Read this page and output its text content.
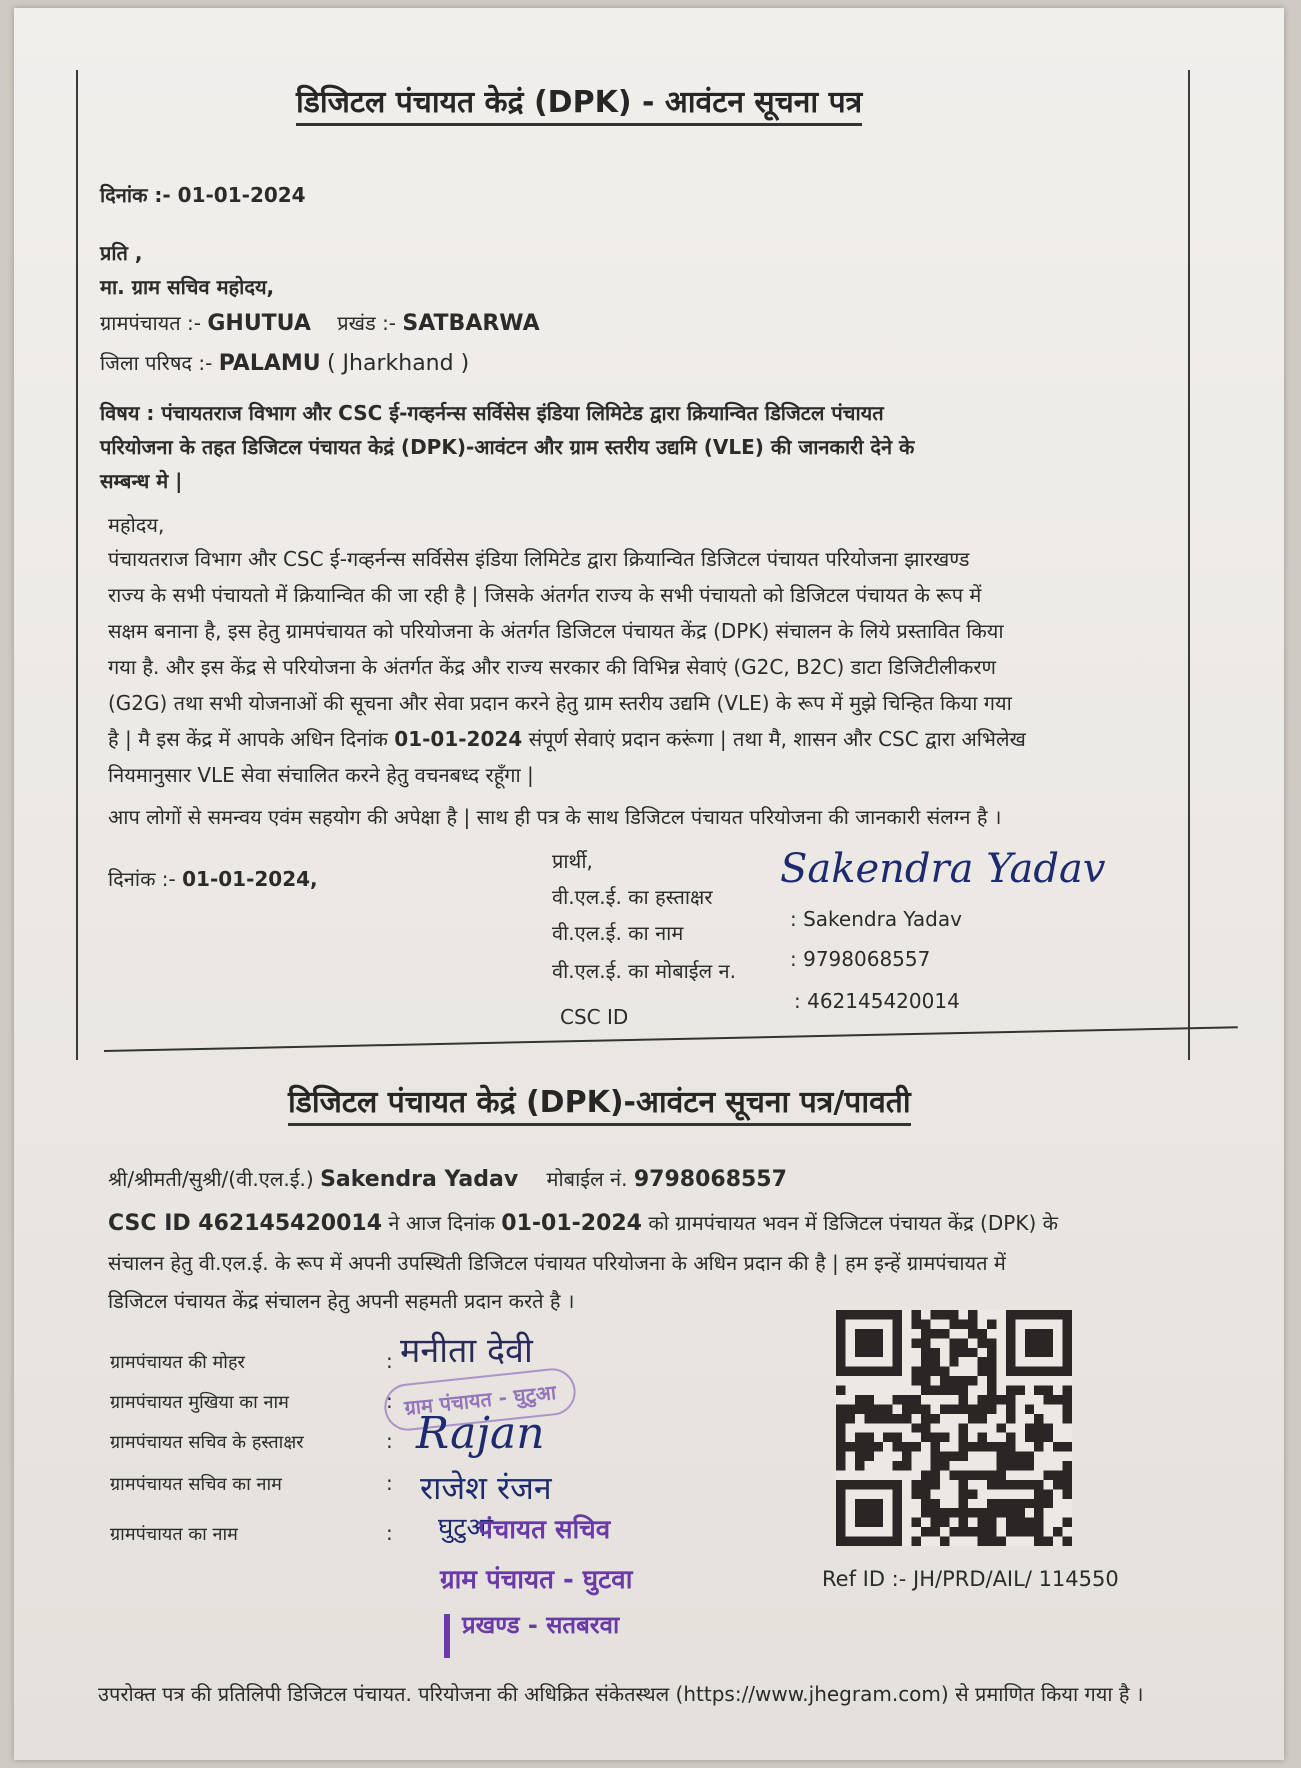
डिजिटल पंचायत केद्रं (DPK) - आवंटन सूचना पत्र
दिनांक :- 01-01-2024
प्रति ,
मा. ग्राम सचिव महोदय,
ग्रामपंचायत :- GHUTUA प्रखंड :- SATBARWA
जिला परिषद :- PALAMU ( Jharkhand )
विषय : पंचायतराज विभाग और CSC ई-गव्हर्नन्स सर्विसेस इंडिया लिमिटेड द्वारा क्रियान्वित डिजिटल पंचायत
परियोजना के तहत डिजिटल पंचायत केद्रं (DPK)-आवंटन और ग्राम स्तरीय उद्यमि (VLE) की जानकारी देने के
सम्बन्ध मे |
महोदय,
पंचायतराज विभाग और CSC ई-गव्हर्नन्स सर्विसेस इंडिया लिमिटेड द्वारा क्रियान्वित डिजिटल पंचायत परियोजना झारखण्ड
राज्य के सभी पंचायतो में क्रियान्वित की जा रही है | जिसके अंतर्गत राज्य के सभी पंचायतो को डिजिटल पंचायत के रूप में
सक्षम बनाना है, इस हेतु ग्रामपंचायत को परियोजना के अंतर्गत डिजिटल पंचायत केंद्र (DPK) संचालन के लिये प्रस्तावित किया
गया है. और इस केंद्र से परियोजना के अंतर्गत केंद्र और राज्य सरकार की विभिन्न सेवाएं (G2C, B2C) डाटा डिजिटीलीकरण
(G2G) तथा सभी योजनाओं की सूचना और सेवा प्रदान करने हेतु ग्राम स्तरीय उद्यमि (VLE) के रूप में मुझे चिन्हित किया गया
है | मै इस केंद्र में आपके अधिन दिनांक 01-01-2024 संपूर्ण सेवाएं प्रदान करूंगा | तथा मै, शासन और CSC द्वारा अभिलेख
नियमानुसार VLE सेवा संचालित करने हेतु वचनबध्द रहूँगा |
आप लोगों से समन्वय एवंम सहयोग की अपेक्षा है | साथ ही पत्र के साथ डिजिटल पंचायत परियोजना की जानकारी संलग्न है ।
दिनांक :- 01-01-2024,
प्रार्थी,
वी.एल.ई. का हस्ताक्षर
Sakendra Yadav
वी.एल.ई. का नाम
: Sakendra Yadav
वी.एल.ई. का मोबाईल न.	: 9798068557
CSC ID
: 462145420014
डिजिटल पंचायत केद्रं (DPK)-आवंटन सूचना पत्र/पावती
श्री/श्रीमती/सुश्री/(वी.एल.ई.) Sakendra Yadav मोबाईल नं. 9798068557
CSC ID 462145420014 ने आज दिनांक 01-01-2024 को ग्रामपंचायत भवन में डिजिटल पंचायत केंद्र (DPK) के
संचालन हेतु वी.एल.ई. के रूप में अपनी उपस्थिती डिजिटल पंचायत परियोजना के अधिन प्रदान की है | हम इन्हें ग्रामपंचायत में
डिजिटल पंचायत केंद्र संचालन हेतु अपनी सहमती प्रदान करते है ।
ग्रामपंचायत की मोहर
ग्रामपंचायत मुखिया का नाम
ग्रामपंचायत सचिव के हस्ताक्षर
ग्रामपंचायत सचिव का नाम
ग्रामपंचायत का नाम
:
:
:
:
:
मनीता देवी
ग्राम पंचायत - घुटुआ
Rajan
राजेश रंजन
घुटुआ
पंचायत सचिव
ग्राम पंचायत - घुटवा
प्रखण्ड - सतबरवा
Ref ID :- JH/PRD/AIL/ 114550
उपरोक्त पत्र की प्रतिलिपी डिजिटल पंचायत. परियोजना की अधिक्रित संकेतस्थल (https://www.jhegram.com) से प्रमाणित किया गया है ।
